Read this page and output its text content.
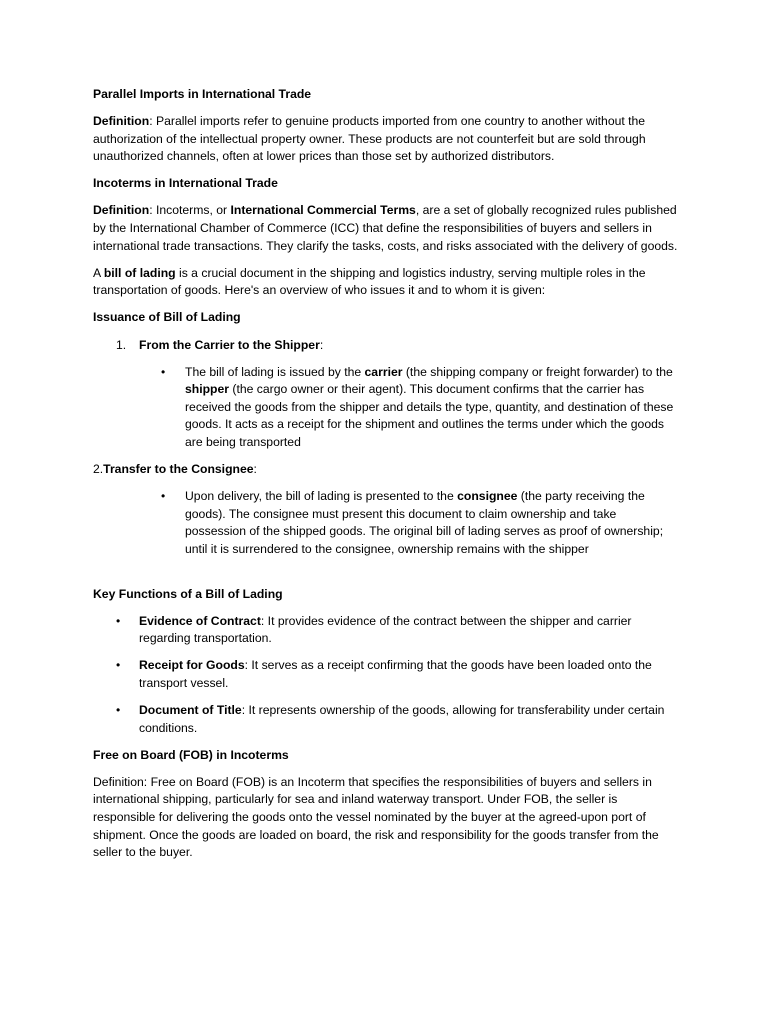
Parallel Imports in International Trade

Definition: Parallel imports refer to genuine products imported from one country to another without the authorization of the intellectual property owner. These products are not counterfeit but are sold through unauthorized channels, often at lower prices than those set by authorized distributors.

Incoterms in International Trade

Definition: Incoterms, or International Commercial Terms, are a set of globally recognized rules published by the International Chamber of Commerce (ICC) that define the responsibilities of buyers and sellers in international trade transactions. They clarify the tasks, costs, and risks associated with the delivery of goods.

A bill of lading is a crucial document in the shipping and logistics industry, serving multiple roles in the transportation of goods. Here's an overview of who issues it and to whom it is given:

Issuance of Bill of Lading

1. From the Carrier to the Shipper:

• The bill of lading is issued by the carrier (the shipping company or freight forwarder) to the shipper (the cargo owner or their agent). This document confirms that the carrier has received the goods from the shipper and details the type, quantity, and destination of these goods. It acts as a receipt for the shipment and outlines the terms under which the goods are being transported

2.Transfer to the Consignee:

• Upon delivery, the bill of lading is presented to the consignee (the party receiving the goods). The consignee must present this document to claim ownership and take possession of the shipped goods. The original bill of lading serves as proof of ownership; until it is surrendered to the consignee, ownership remains with the shipper

Key Functions of a Bill of Lading

• Evidence of Contract: It provides evidence of the contract between the shipper and carrier regarding transportation.

• Receipt for Goods: It serves as a receipt confirming that the goods have been loaded onto the transport vessel.

• Document of Title: It represents ownership of the goods, allowing for transferability under certain conditions.

Free on Board (FOB) in Incoterms

Definition: Free on Board (FOB) is an Incoterm that specifies the responsibilities of buyers and sellers in international shipping, particularly for sea and inland waterway transport. Under FOB, the seller is responsible for delivering the goods onto the vessel nominated by the buyer at the agreed-upon port of shipment. Once the goods are loaded on board, the risk and responsibility for the goods transfer from the seller to the buyer.
